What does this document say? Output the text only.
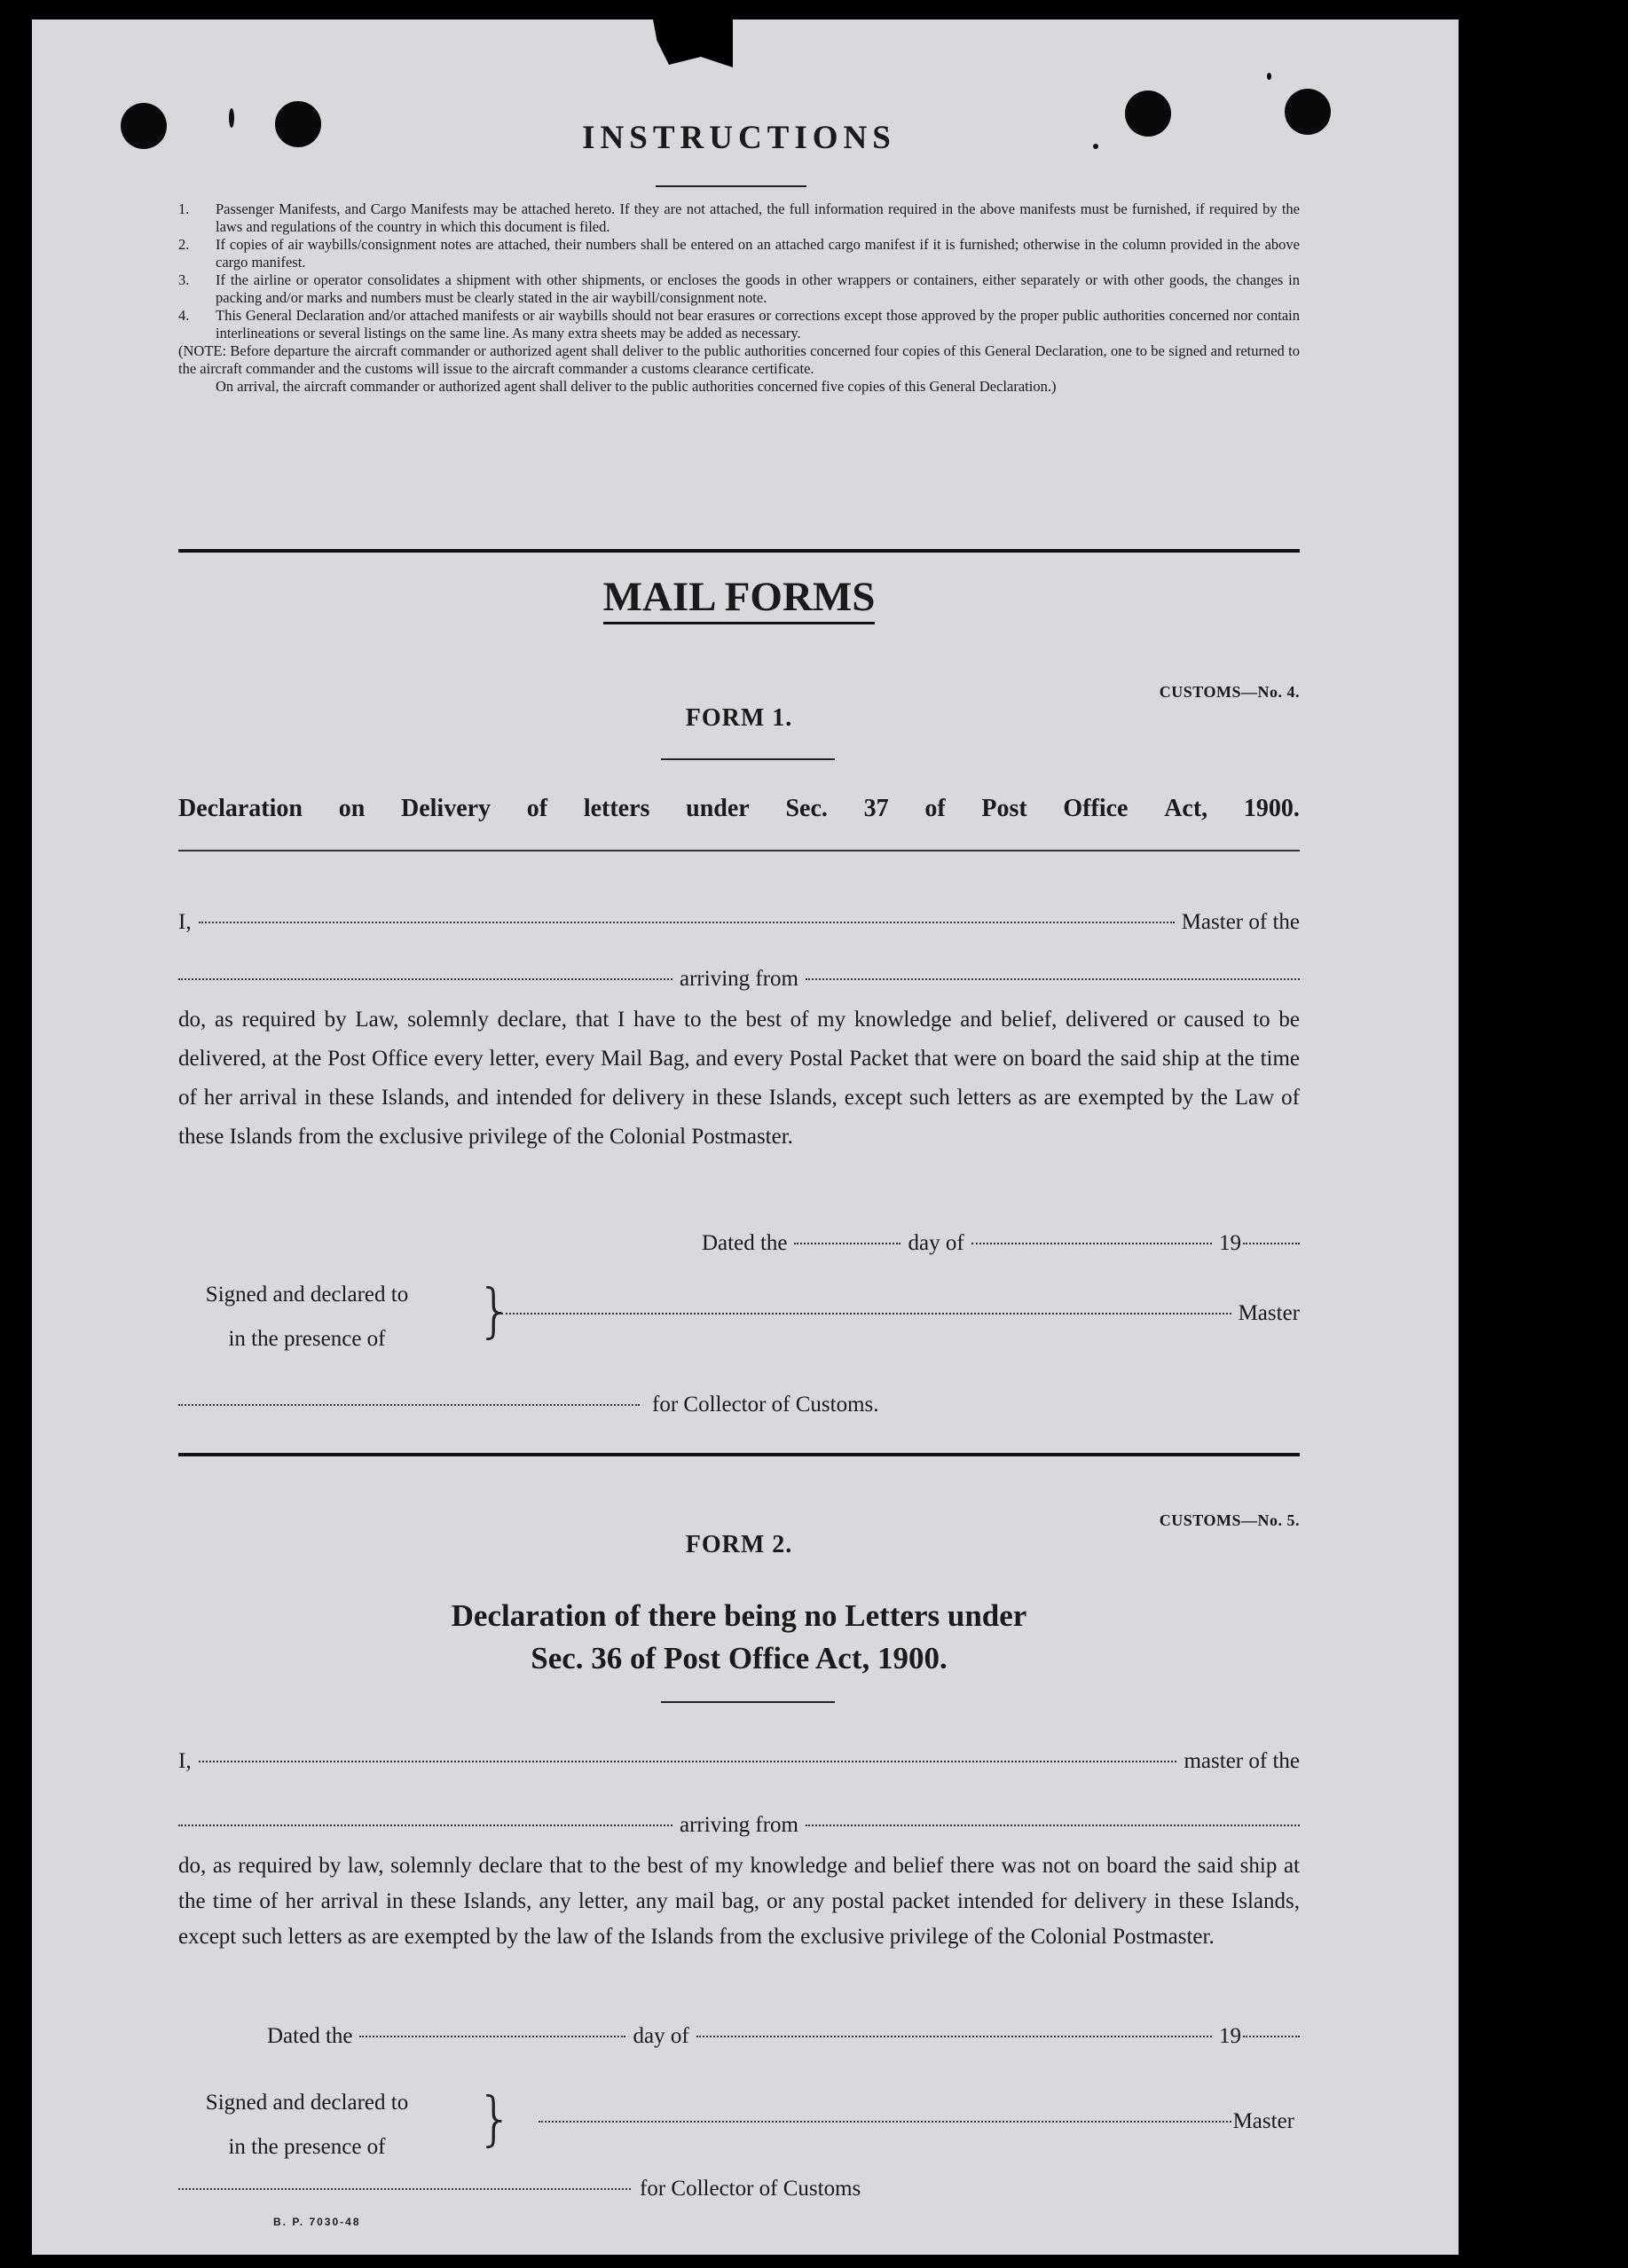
INSTRUCTIONS
1.	Passenger Manifests, and Cargo Manifests may be attached hereto. If they are not attached, the full information required in the above manifests must be furnished, if required by the laws and regulations of the country in which this document is filed.
2.	If copies of air waybills/consignment notes are attached, their numbers shall be entered on an attached cargo manifest if it is furnished; otherwise in the column provided in the above cargo manifest.
3.	If the airline or operator consolidates a shipment with other shipments, or encloses the goods in other wrappers or containers, either separately or with other goods, the changes in packing and/or marks and numbers must be clearly stated in the air waybill/consignment note.
4.	This General Declaration and/or attached manifests or air waybills should not bear erasures or corrections except those approved by the proper public authorities concerned nor contain interlineations or several listings on the same line. As many extra sheets may be added as necessary.
(NOTE: Before departure the aircraft commander or authorized agent shall deliver to the public authorities concerned four copies of this General Declaration, one to be signed and returned to the aircraft commander and the customs will issue to the aircraft commander a customs clearance certificate.
On arrival, the aircraft commander or authorized agent shall deliver to the public authorities concerned five copies of this General Declaration.)
MAIL FORMS
CUSTOMS—No. 4.
FORM 1.
Declaration on Delivery of letters under Sec. 37 of Post Office Act, 1900.
I,	Master of the
arriving from
do, as required by Law, solemnly declare, that I have to the best of my knowledge and belief, delivered or caused to be delivered, at the Post Office every letter, every Mail Bag, and every Postal Packet that were on board the said ship at the time of her arrival in these Islands, and intended for delivery in these Islands, except such letters as are exempted by the Law of these Islands from the exclusive privilege of the Colonial Postmaster.
Dated the	day of	19
Signed and declared to
in the presence of	}	Master
for Collector of Customs.
CUSTOMS—No. 5.
FORM 2.
Declaration of there being no Letters under
Sec. 36 of Post Office Act, 1900.
I,	master of the
arriving from
do, as required by law, solemnly declare that to the best of my knowledge and belief there was not on board the said ship at the time of her arrival in these Islands, any letter, any mail bag, or any postal packet intended for delivery in these Islands, except such letters as are exempted by the law of the Islands from the exclusive privilege of the Colonial Postmaster.
Dated the	day of	19
Signed and declared to
in the presence of	}	Master
for Collector of Customs
B. P. 7030-48
